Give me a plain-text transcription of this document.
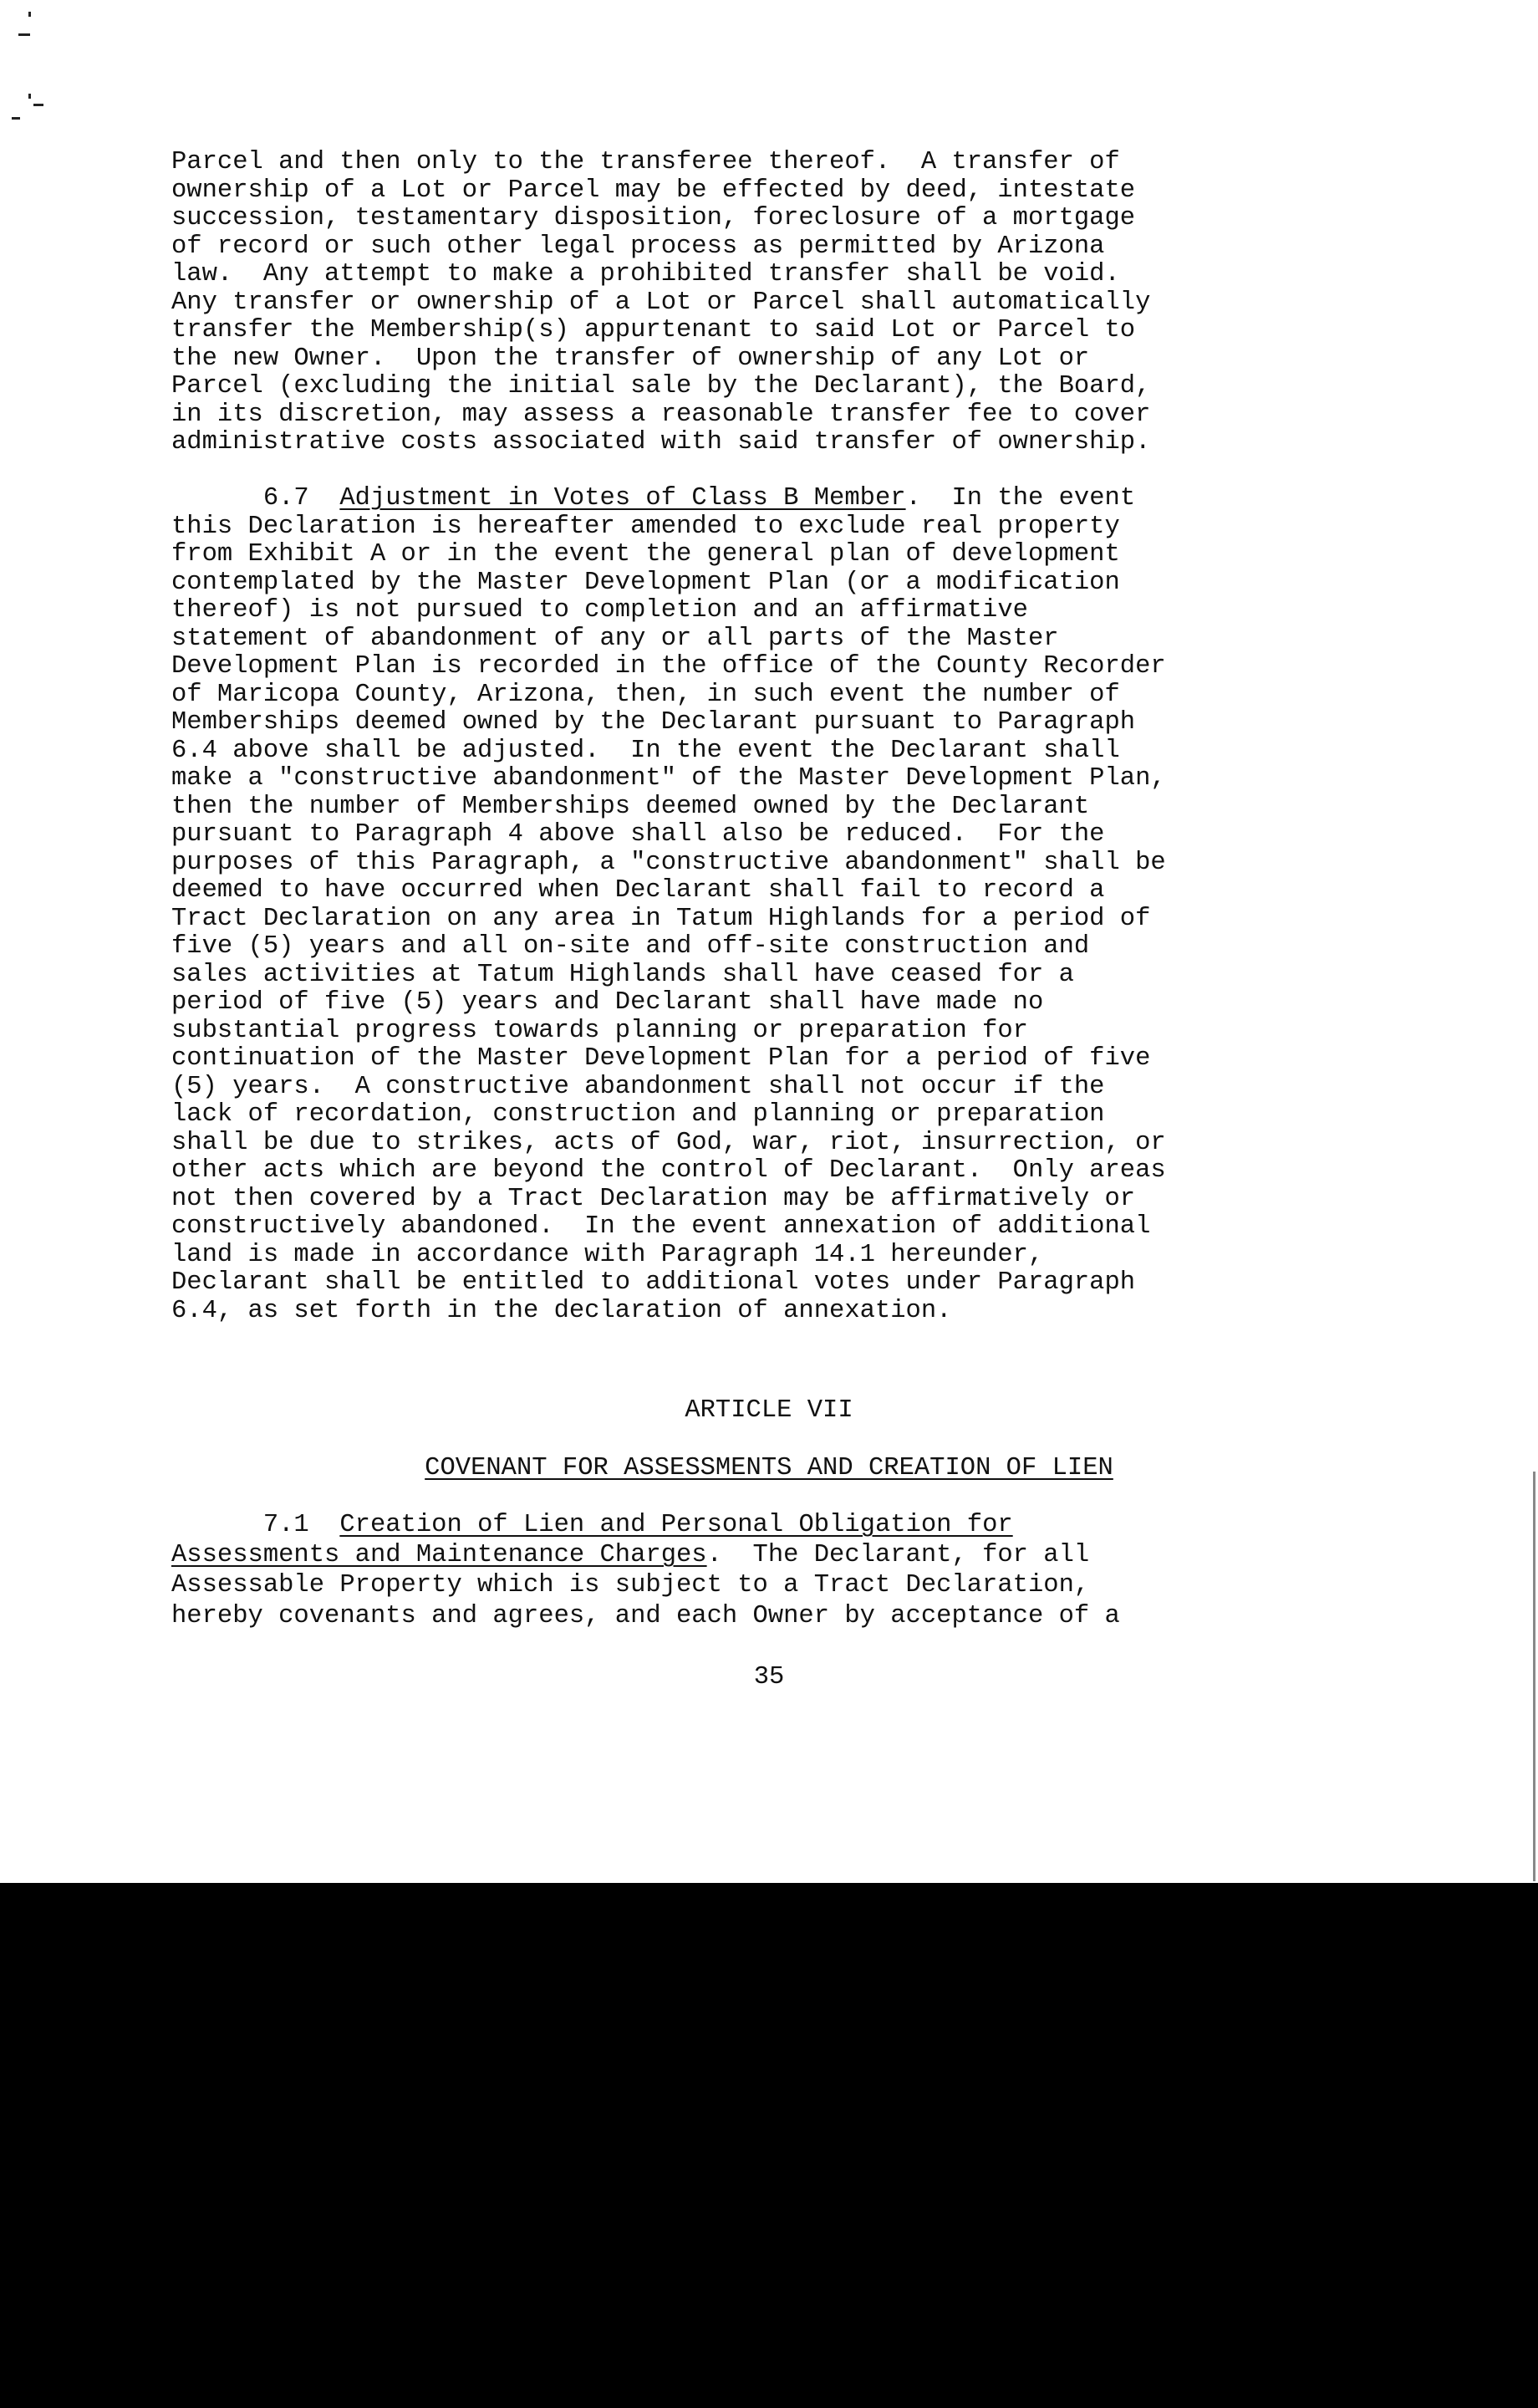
Parcel and then only to the transferee thereof.  A transfer of
ownership of a Lot or Parcel may be effected by deed, intestate
succession, testamentary disposition, foreclosure of a mortgage
of record or such other legal process as permitted by Arizona
law.  Any attempt to make a prohibited transfer shall be void.
Any transfer or ownership of a Lot or Parcel shall automatically
transfer the Membership(s) appurtenant to said Lot or Parcel to
the new Owner.  Upon the transfer of ownership of any Lot or
Parcel (excluding the initial sale by the Declarant), the Board,
in its discretion, may assess a reasonable transfer fee to cover
administrative costs associated with said transfer of ownership.
6.7 Adjustment in Votes of Class B Member.  In the event
this Declaration is hereafter amended to exclude real property
from Exhibit A or in the event the general plan of development
contemplated by the Master Development Plan (or a modification
thereof) is not pursued to completion and an affirmative
statement of abandonment of any or all parts of the Master
Development Plan is recorded in the office of the County Recorder
of Maricopa County, Arizona, then, in such event the number of
Memberships deemed owned by the Declarant pursuant to Paragraph
6.4 above shall be adjusted.  In the event the Declarant shall
make a "constructive abandonment" of the Master Development Plan,
then the number of Memberships deemed owned by the Declarant
pursuant to Paragraph 4 above shall also be reduced.  For the
purposes of this Paragraph, a "constructive abandonment" shall be
deemed to have occurred when Declarant shall fail to record a
Tract Declaration on any area in Tatum Highlands for a period of
five (5) years and all on-site and off-site construction and
sales activities at Tatum Highlands shall have ceased for a
period of five (5) years and Declarant shall have made no
substantial progress towards planning or preparation for
continuation of the Master Development Plan for a period of five
(5) years.  A constructive abandonment shall not occur if the
lack of recordation, construction and planning or preparation
shall be due to strikes, acts of God, war, riot, insurrection, or
other acts which are beyond the control of Declarant.  Only areas
not then covered by a Tract Declaration may be affirmatively or
constructively abandoned.  In the event annexation of additional
land is made in accordance with Paragraph 14.1 hereunder,
Declarant shall be entitled to additional votes under Paragraph
6.4, as set forth in the declaration of annexation.
ARTICLE VII
COVENANT FOR ASSESSMENTS AND CREATION OF LIEN
7.1 Creation of Lien and Personal Obligation for
Assessments and Maintenance Charges.  The Declarant, for all
Assessable Property which is subject to a Tract Declaration,
hereby covenants and agrees, and each Owner by acceptance of a
35
